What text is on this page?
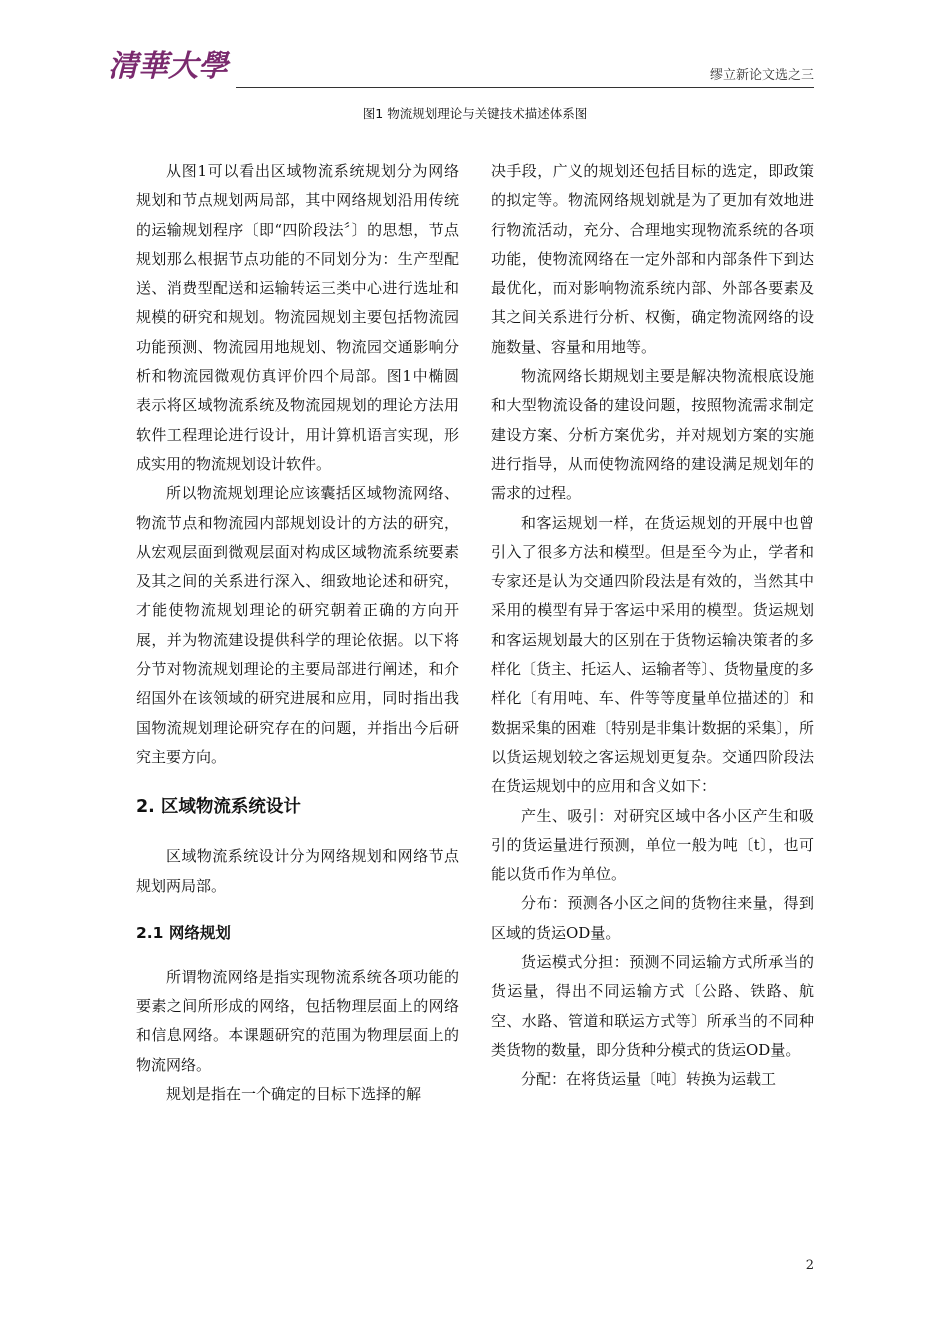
清華大學	缪立新论文选之三
图1 物流规划理论与关键技术描述体系图

从图1可以看出区域物流系统规划分为网络规划和节点规划两局部，其中网络规划沿用传统的运输规划程序〔即“四阶段法〞〕的思想，节点规划那么根据节点功能的不同划分为：生产型配送、消费型配送和运输转运三类中心进行选址和规模的研究和规划。物流园规划主要包括物流园功能预测、物流园用地规划、物流园交通影响分析和物流园微观仿真评价四个局部。图1中椭圆表示将区域物流系统及物流园规划的理论方法用软件工程理论进行设计，用计算机语言实现，形成实用的物流规划设计软件。

所以物流规划理论应该囊括区域物流网络、物流节点和物流园内部规划设计的方法的研究，从宏观层面到微观层面对构成区域物流系统要素及其之间的关系进行深入、细致地论述和研究，才能使物流规划理论的研究朝着正确的方向开展，并为物流建设提供科学的理论依据。以下将分节对物流规划理论的主要局部进行阐述，和介绍国外在该领域的研究进展和应用，同时指出我国物流规划理论研究存在的问题，并指出今后研究主要方向。

2. 区域物流系统设计

区域物流系统设计分为网络规划和网络节点规划两局部。

2.1 网络规划

所谓物流网络是指实现物流系统各项功能的要素之间所形成的网络，包括物理层面上的网络和信息网络。本课题研究的范围为物理层面上的物流网络。

规划是指在一个确定的目标下选择的解

决手段，广义的规划还包括目标的选定，即政策的拟定等。物流网络规划就是为了更加有效地进行物流活动，充分、合理地实现物流系统的各项功能，使物流网络在一定外部和内部条件下到达最优化，而对影响物流系统内部、外部各要素及其之间关系进行分析、权衡，确定物流网络的设施数量、容量和用地等。

物流网络长期规划主要是解决物流根底设施和大型物流设备的建设问题，按照物流需求制定建设方案、分析方案优劣，并对规划方案的实施进行指导，从而使物流网络的建设满足规划年的需求的过程。

和客运规划一样，在货运规划的开展中也曾引入了很多方法和模型。但是至今为止，学者和专家还是认为交通四阶段法是有效的，当然其中采用的模型有异于客运中采用的模型。货运规划和客运规划最大的区别在于货物运输决策者的多样化〔货主、托运人、运输者等〕、货物量度的多样化〔有用吨、车、件等等度量单位描述的〕和数据采集的困难〔特别是非集计数据的采集〕，所以货运规划较之客运规划更复杂。交通四阶段法在货运规划中的应用和含义如下：

产生、吸引：对研究区域中各小区产生和吸引的货运量进行预测，单位一般为吨〔t〕，也可能以货币作为单位。

分布：预测各小区之间的货物往来量，得到区域的货运OD量。

货运模式分担：预测不同运输方式所承当的货运量，得出不同运输方式〔公路、铁路、航空、水路、管道和联运方式等〕所承当的不同种类货物的数量，即分货种分模式的货运OD量。

分配：在将货运量〔吨〕转换为运载工

2
